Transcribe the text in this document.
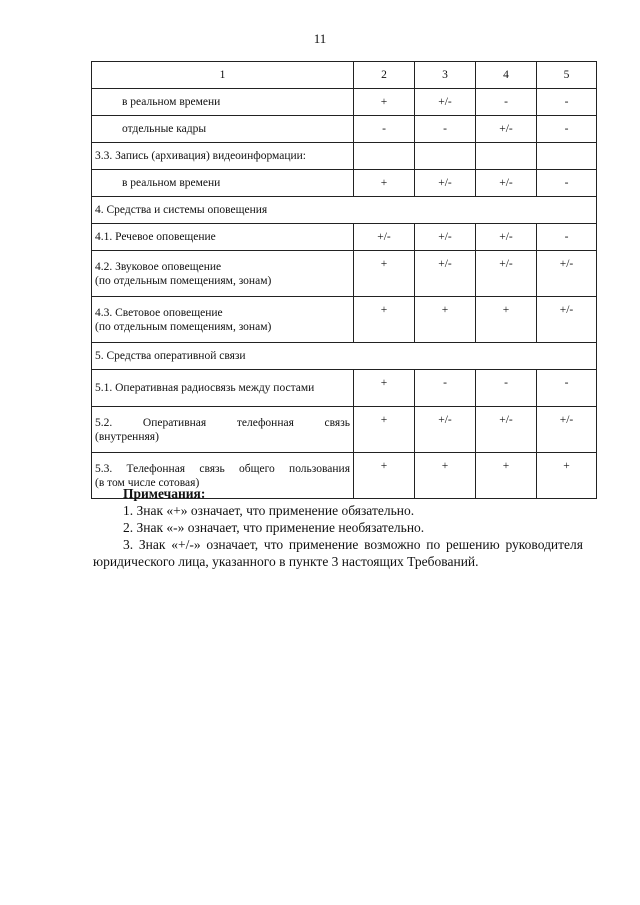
11
1	2	3	4	5
в реальном времени	+	+/-	-	-
отдельные кадры	-	-	+/-	-
3.3. Запись (архивация) видеоинформации:				
в реальном времени	+	+/-	+/-	-
4. Средства и системы оповещения				
4.1. Речевое оповещение	+/-	+/-	+/-	-

4.2. Звуковое оповещение
(по отдельным помещениям, зонам)	+	+/-	+/-	+/-

4.3. Световое оповещение
(по отдельным помещениям, зонам)	+	+	+	+/-
5. Средства оперативной связи				
5.1. Оперативная радиосвязь между постами	+	-	-	-

5.2. Оперативная телефонная связь
(внутренняя)	+	+/-	+/-	+/-

5.3. Телефонная связь общего пользования
(в том числе сотовая)	+	+	+	+
Примечания:
1. Знак «+» означает, что применение обязательно.
2. Знак «-» означает, что применение необязательно.
3. Знак «+/-» означает, что применение возможно по решению руководителя юридического лица, указанного в пункте 3 настоящих Требований.
